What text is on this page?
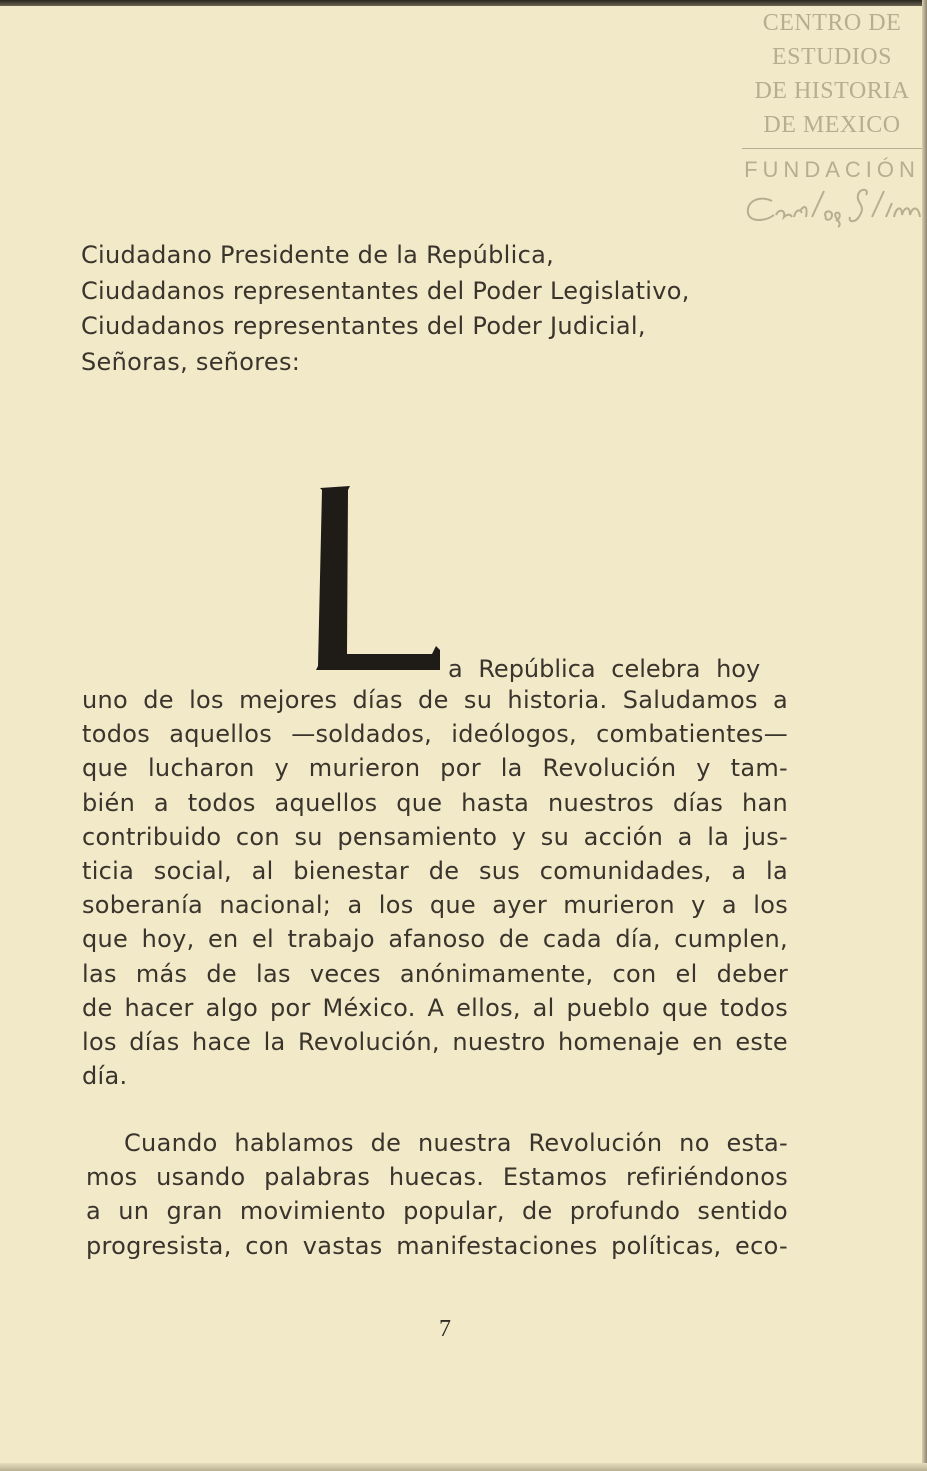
CENTRO DE
ESTUDIOS
DE HISTORIA
DE MEXICO
FUNDACIÓN
Ciudadano Presidente de la República,
Ciudadanos representantes del Poder Legislativo,
Ciudadanos representantes del Poder Judicial,
Señoras, señores:
L
a República celebra hoy
uno de los mejores días de su historia. Saludamos a
todos aquellos —soldados, ideólogos, combatientes—
que lucharon y murieron por la Revolución y tam-
bién a todos aquellos que hasta nuestros días han
contribuido con su pensamiento y su acción a la jus-
ticia social, al bienestar de sus comunidades, a la
soberanía nacional; a los que ayer murieron y a los
que hoy, en el trabajo afanoso de cada día, cumplen,
las más de las veces anónimamente, con el deber
de hacer algo por México. A ellos, al pueblo que todos
los días hace la Revolución, nuestro homenaje en este
día.
Cuando hablamos de nuestra Revolución no esta-
mos usando palabras huecas. Estamos refiriéndonos
a un gran movimiento popular, de profundo sentido
progresista, con vastas manifestaciones políticas, eco-
7
